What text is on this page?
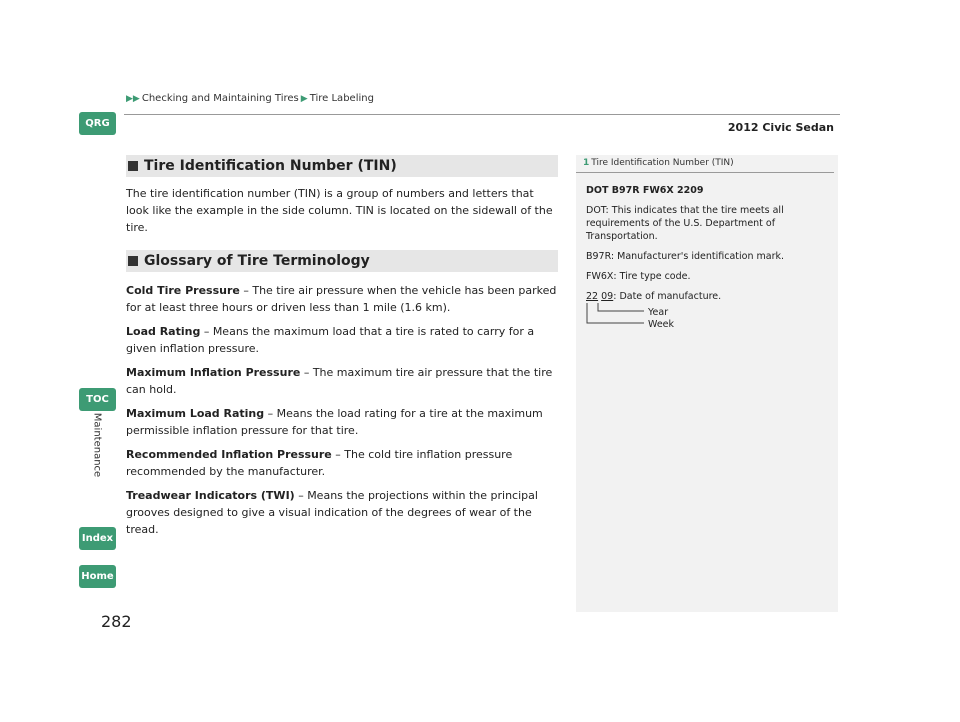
QRG
TOC
Maintenance
Index
Home
▶▶ Checking and Maintaining Tires ▶ Tire Labeling
2012 Civic Sedan
Tire Identification Number (TIN)

The tire identification number (TIN) is a group of numbers and letters that look like the example in the side column. TIN is located on the sidewall of the tire.

Glossary of Tire Terminology

Cold Tire Pressure – The tire air pressure when the vehicle has been parked for at least three hours or driven less than 1 mile (1.6 km).

Load Rating – Means the maximum load that a tire is rated to carry for a given inflation pressure.

Maximum Inflation Pressure – The maximum tire air pressure that the tire can hold.

Maximum Load Rating – Means the load rating for a tire at the maximum permissible inflation pressure for that tire.

Recommended Inflation Pressure – The cold tire inflation pressure recommended by the manufacturer.

Treadwear Indicators (TWI) – Means the projections within the principal grooves designed to give a visual indication of the degrees of wear of the tread.

1 Tire Identification Number (TIN)

DOT B97R FW6X 2209

DOT: This indicates that the tire meets all requirements of the U.S. Department of Transportation.

B97R: Manufacturer's identification mark.

FW6X: Tire type code.

22 09: Date of manufacture.
Year
Week
282
